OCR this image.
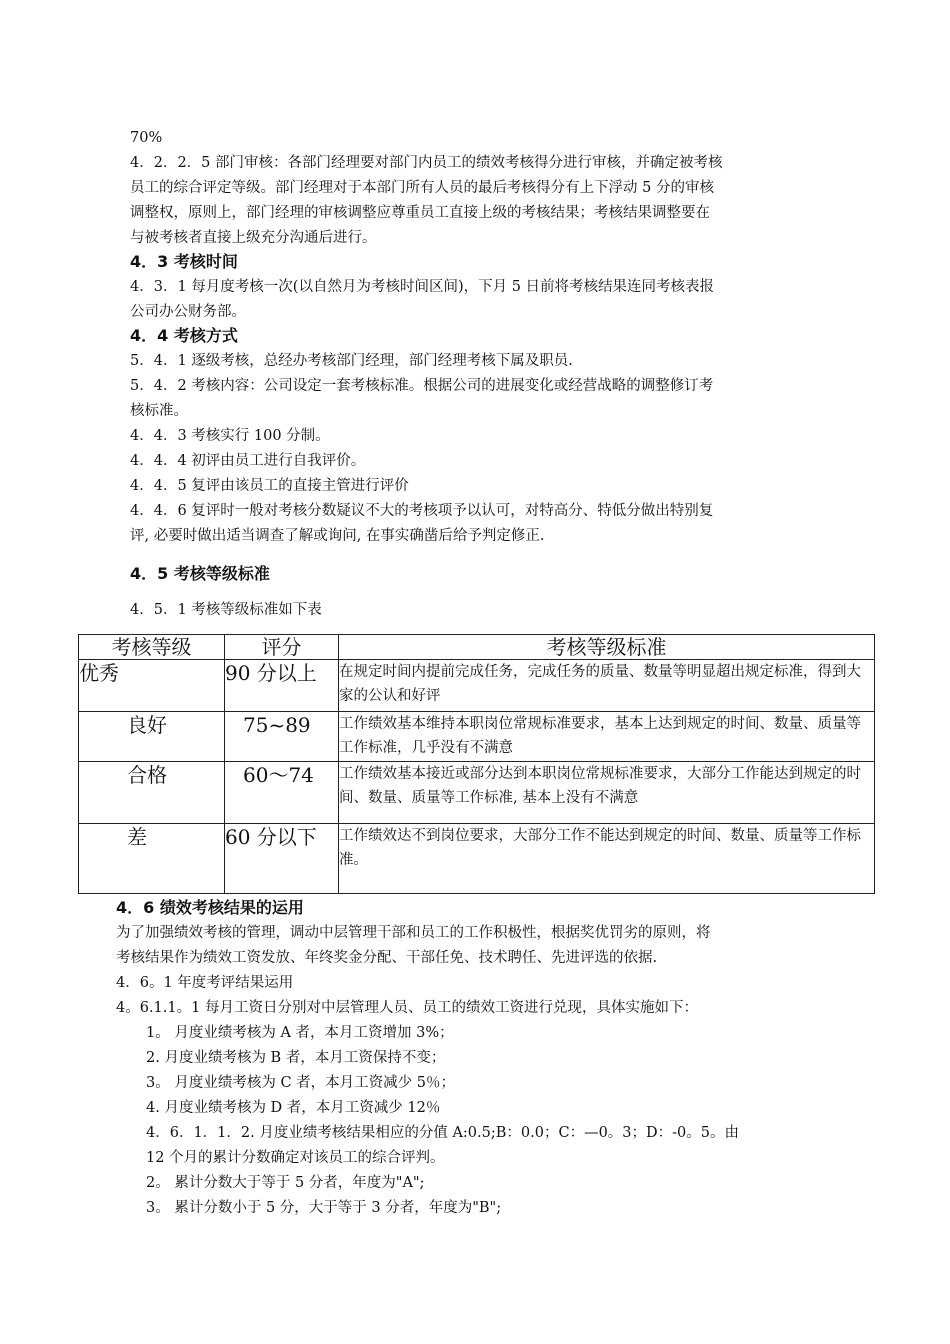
70%
4．2．2．5 部门审核：各部门经理要对部门内员工的绩效考核得分进行审核，并确定被考核
员工的综合评定等级。部门经理对于本部门所有人员的最后考核得分有上下浮动 5 分的审核
调整权，原则上，部门经理的审核调整应尊重员工直接上级的考核结果；考核结果调整要在
与被考核者直接上级充分沟通后进行。
4．3 考核时间
4．3．1 每月度考核一次(以自然月为考核时间区间)，下月 5 日前将考核结果连同考核表报
公司办公财务部。
4．4 考核方式
5．4．1 逐级考核，总经办考核部门经理，部门经理考核下属及职员.
5．4．2 考核内容：公司设定一套考核标准。根据公司的进展变化或经营战略的调整修订考
核标准。
4．4．3 考核实行 100 分制。
4．4．4 初评由员工进行自我评价。
4．4．5 复评由该员工的直接主管进行评价
4．4．6 复评时一般对考核分数疑议不大的考核项予以认可，对特高分、特低分做出特别复
评, 必要时做出适当调查了解或询问, 在事实确凿后给予判定修正.
4．5 考核等级标准
4．5．1 考核等级标准如下表
考核等级	评分	考核等级标准
优秀	90 分以上	在规定时间内提前完成任务，完成任务的质量、数量等明显超出规定标准，得到大家的公认和好评
良好	75~89	工作绩效基本维持本职岗位常规标准要求，基本上达到规定的时间、数量、质量等工作标准，几乎没有不满意
合格	60～74	工作绩效基本接近或部分达到本职岗位常规标准要求，大部分工作能达到规定的时间、数量、质量等工作标准, 基本上没有不满意
差	60 分以下	工作绩效达不到岗位要求，大部分工作不能达到规定的时间、数量、质量等工作标准。
4．6 绩效考核结果的运用
为了加强绩效考核的管理，调动中层管理干部和员工的工作积极性，根据奖优罚劣的原则，将
考核结果作为绩效工资发放、年终奖金分配、干部任免、技术聘任、先进评选的依据.
4．6。1 年度考评结果运用
4。6.1.1。1 每月工资日分别对中层管理人员、员工的绩效工资进行兑现，具体实施如下：
1。 月度业绩考核为 A 者，本月工资增加 3%；
2. 月度业绩考核为 B 者，本月工资保持不变；
3。 月度业绩考核为 C 者，本月工资减少 5％；
4. 月度业绩考核为 D 者，本月工资减少 12％
4．6．1．1．2. 月度业绩考核结果相应的分值 A:0.5;B：0.0；C：—0。3；D：-0。5。由
12 个月的累计分数确定对该员工的综合评判。
2。 累计分数大于等于 5 分者，年度为"A";
3。 累计分数小于 5 分，大于等于 3 分者，年度为"B";
